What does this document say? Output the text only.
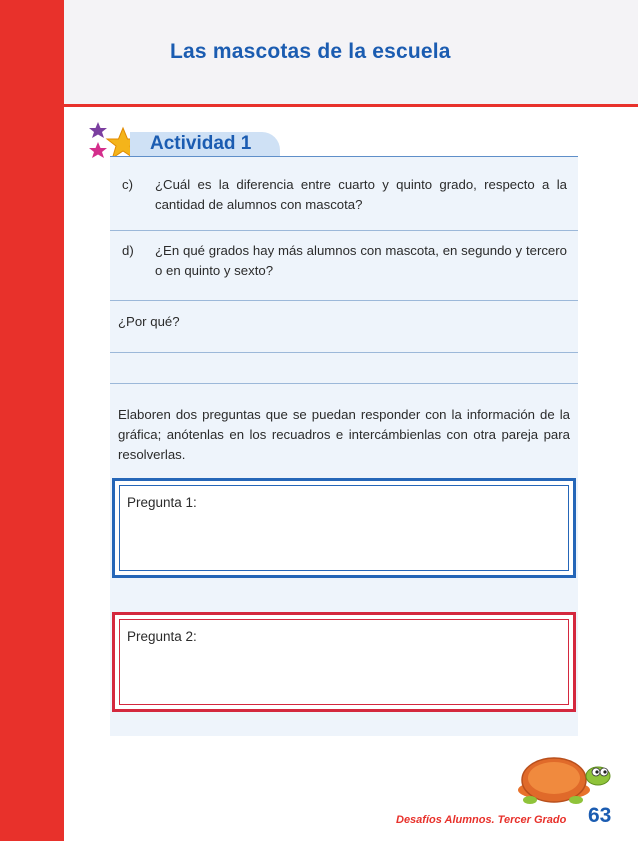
Las mascotas de la escuela
Actividad 1
c) ¿Cuál es la diferencia entre cuarto y quinto grado, respecto a la cantidad de alumnos con mascota?
d) ¿En qué grados hay más alumnos con mascota, en segundo y tercero o en quinto y sexto?
¿Por qué?
Elaboren dos preguntas que se puedan responder con la información de la gráfica; anótenlas en los recuadros e intercámbienlas con otra pareja para resolverlas.
Pregunta 1:
Pregunta 2:
Desafíos Alumnos. Tercer Grado 63
